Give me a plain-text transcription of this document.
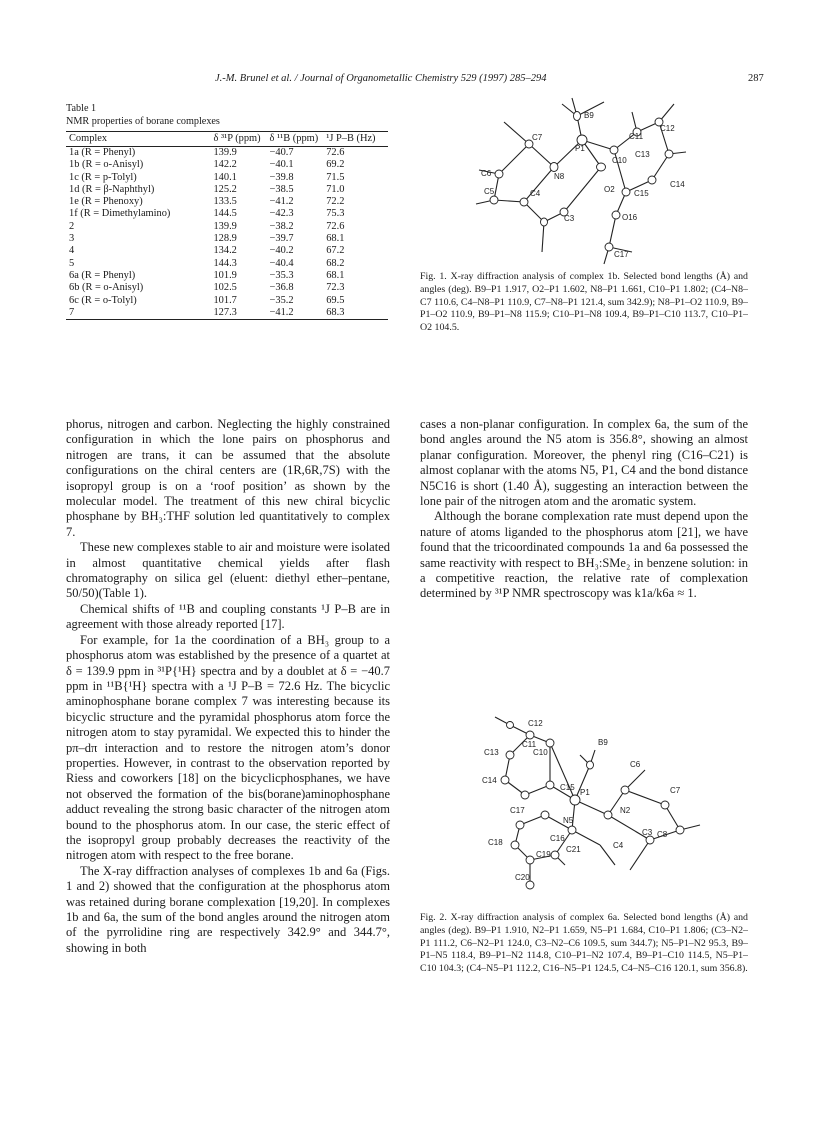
J.-M. Brunel et al. / Journal of Organometallic Chemistry 529 (1997) 285–294	287
Table 1
NMR properties of borane complexes
Complex	δ ³¹P (ppm)	δ ¹¹B (ppm)	¹J P–B (Hz)
1a (R = Phenyl)	139.9	−40.7	72.6
1b (R = o-Anisyl)	142.2	−40.1	69.2
1c (R = p-Tolyl)	140.1	−39.8	71.5
1d (R = β-Naphthyl)	125.2	−38.5	71.0
1e (R = Phenoxy)	133.5	−41.2	72.2
1f (R = Dimethylamino)	144.5	−42.3	75.3
2	139.9	−38.2	72.6
3	128.9	−39.7	68.1
4	134.2	−40.2	67.2
5	144.3	−40.4	68.2
6a (R = Phenyl)	101.9	−35.3	68.1
6b (R = o-Anisyl)	102.5	−36.8	72.3
6c (R = o-Tolyl)	101.7	−35.2	69.5
7	127.3	−41.2	68.3
B9
C11
C12
C7
P1
C13
C10
C6	N8
C14
C5	C4	O2 C15
C3	O16
C17
Fig. 1. X-ray diffraction analysis of complex 1b. Selected bond lengths (Å) and angles (deg). B9–P1 1.917, O2–P1 1.602, N8–P1 1.661, C10–P1 1.802; (C4–N8–C7 110.6, C4–N8–P1 110.9, C7–N8–P1 121.4, sum 342.9); N8–P1–O2 110.9, B9–P1–O2 110.9, B9–P1–N8 115.9; C10–P1–N8 109.4, B9–P1–C10 113.7, C10–P1–O2 104.5.

phorus, nitrogen and carbon. Neglecting the highly constrained configuration in which the lone pairs on phosphorus and nitrogen are trans, it can be assumed that the absolute configurations on the chiral centers are (1R,6R,7S) with the isopropyl group is on a ‘roof position’ as shown by the molecular model. The treatment of this new chiral bicyclic phosphane by BH₃:THF solution led quantitatively to complex 7.

These new complexes stable to air and moisture were isolated in almost quantitative chemical yields after flash chromatography on silica gel (eluent: diethyl ether–pentane, 50/50)(Table 1).

Chemical shifts of ¹¹B and coupling constants ¹J P–B are in agreement with those already reported [17].

For example, for 1a the coordination of a BH₃ group to a phosphorus atom was established by the presence of a quartet at δ = 139.9 ppm in ³¹P{¹H} spectra and by a doublet at δ = −40.7 ppm in ¹¹B{¹H} spectra with a ¹J P–B = 72.6 Hz. The bicyclic aminophosphane borane complex 7 was interesting because its bicyclic structure and the pyramidal phosphorus atom force the nitrogen atom to stay pyramidal. We expected this to hinder the pπ–dπ interaction and to restore the nitrogen atom’s donor properties. However, in contrast to the observation reported by Riess and coworkers [18] on the bicyclicphosphanes, we have not observed the formation of the bis(borane)aminophosphane adduct revealing the strong basic character of the nitrogen atom bound to the phosphorus atom. In our case, the steric effect of the isopropyl group probably decreases the reactivity of the nitrogen atom with respect to the free borane.

The X-ray diffraction analyses of complexes 1b and 6a (Figs. 1 and 2) showed that the configuration at the phosphorus atom was retained during borane complexation [19,20]. In complexes 1b and 6a, the sum of the bond angles around the nitrogen atom of the pyrrolidine ring are respectively 342.9° and 344.7°, showing in both

cases a non-planar configuration. In complex 6a, the sum of the bond angles around the N5 atom is 356.8°, showing an almost planar configuration. Moreover, the phenyl ring (C16–C21) is almost coplanar with the atoms N5, P1, C4 and the bond distance N5C16 is short (1.40 Å), suggesting an interaction between the lone pair of the nitrogen atom and the aromatic system.

Although the borane complexation rate must depend upon the nature of atoms liganded to the phosphorus atom [21], we have found that the tricoordinated compounds 1a and 6a possessed the same reactivity with respect to BH₃:SMe₂ in benzene solution: in a competitive reaction, the relative rate of complexation determined by ³¹P NMR spectroscopy was k1a/k6a ≈ 1.

C12
C11
C13	C10
B9
C6
C14
C15
P1
N2
C7
C17
N5
C3 C8
C16
C4
C18
C19
C21
C20
Fig. 2. X-ray diffraction analysis of complex 6a. Selected bond lengths (Å) and angles (deg). B9–P1 1.910, N2–P1 1.659, N5–P1 1.684, C10–P1 1.806; (C3–N2–P1 111.2, C6–N2–P1 124.0, C3–N2–C6 109.5, sum 344.7); N5–P1–N2 95.3, B9–P1–N5 118.4, B9–P1–N2 114.8, C10–P1–N2 107.4, B9–P1–C10 114.5, N5–P1–C10 104.3; (C4–N5–P1 112.2, C16–N5–P1 124.5, C4–N5–C16 120.1, sum 356.8).
